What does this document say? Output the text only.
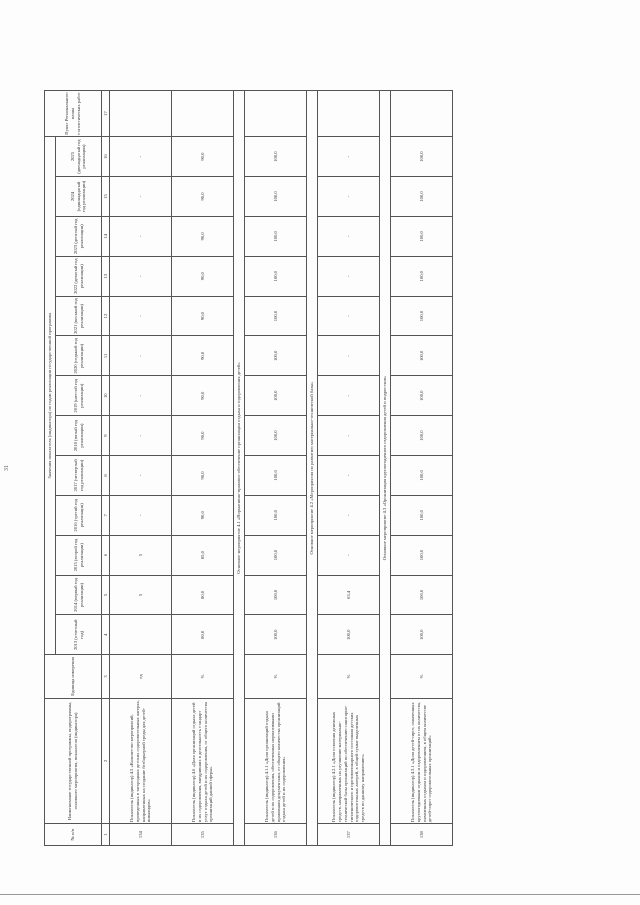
31
№ п/п	Наименование государственной программы, подпрограммы, основного мероприятия, показателя (индикатора)	Единица измерения	Значения показателя (индикатора) по годам реализации государственной программы													Пункт Регионального плана статистических работ
			2013 (отчетный год)	2014 (первый год реализации)	2015 (второй год реализации)	2016 (третий год реализации)	2017 (четвертый год реализации)	2018 (пятый год реализации)	2019 (шестой год реализации)	2020 (седьмой год реализации)	2021 (восьмой год реализации)	2022 (девятый год реализации)	2023 (десятый год реализации)	2024 (одиннадцатый год реализации)	2025 (двенадцатый год реализации)	
1	2	3	4	5	6	7	8	9	10	11	12	13	14	15	16	17
134	Показатель (индикатор) 4.5 «Количество мероприятий, проведенных в загородных детских оздоровительных лагерях, направленных на создание безбарьерной среды для детей-инвалидов»	ед		5	5	-	-	-	-	-	-	-	-	-	-	
135	Показатель (индикатор) 4.6 «Доля организаций отдыха детей и их оздоровления, внедривших в деятельность стандарт услуг отдыха детей и их оздоровления, от общего количества организаций данной сферы»	%	80,0	80,0	85,0	90,0	90,0	90,0	90,0	90,0	90,0	90,0	90,0	90,0	90,0	
Основное мероприятие 4.1 «Нормативно-правовое обеспечение организации отдыха и оздоровления детей»																
136	Показатель (индикатор) 4.1.1 «Доля организаций отдыха детей и их оздоровления, обеспеченных нормативными правовыми документами, от общего количества организаций отдыха детей и их оздоровления»	%	100,0	100,0	100,0	100,0	100,0	100,0	100,0	100,0	100,0	100,0	100,0	100,0	100,0	
Основное мероприятие 4.2 «Мероприятия по развитию материально-технической базы»																
137	Показатель (индикатор) 4.2.1 «Доля освоения денежных средств, направленных на улучшение материально-технической базы организаций по обеспечению санитарно-гигиенического и противопожарного состояния детских оздоровительных лагерей, в общей сумме выделенных средств по данному направлению»	%	100,0	63,4	-	-	-	-	-	-	-	-	-	-	-	
Основное мероприятие 4.3 «Организация круглогодичного оздоровления детей и подростков»																
138	Показатель (индикатор) 4.3.1 «Доля детей-сирот, охваченных круглогодичным отдыхом и оздоровлением от их количества, охваченных отдыхом и оздоровлением, в общем количестве детей-сирот оздоровительных организаций»	%	100,0	100,0	100,0	100,0	100,0	100,0	100,0	100,0	100,0	100,0	100,0	100,0	100,0	
